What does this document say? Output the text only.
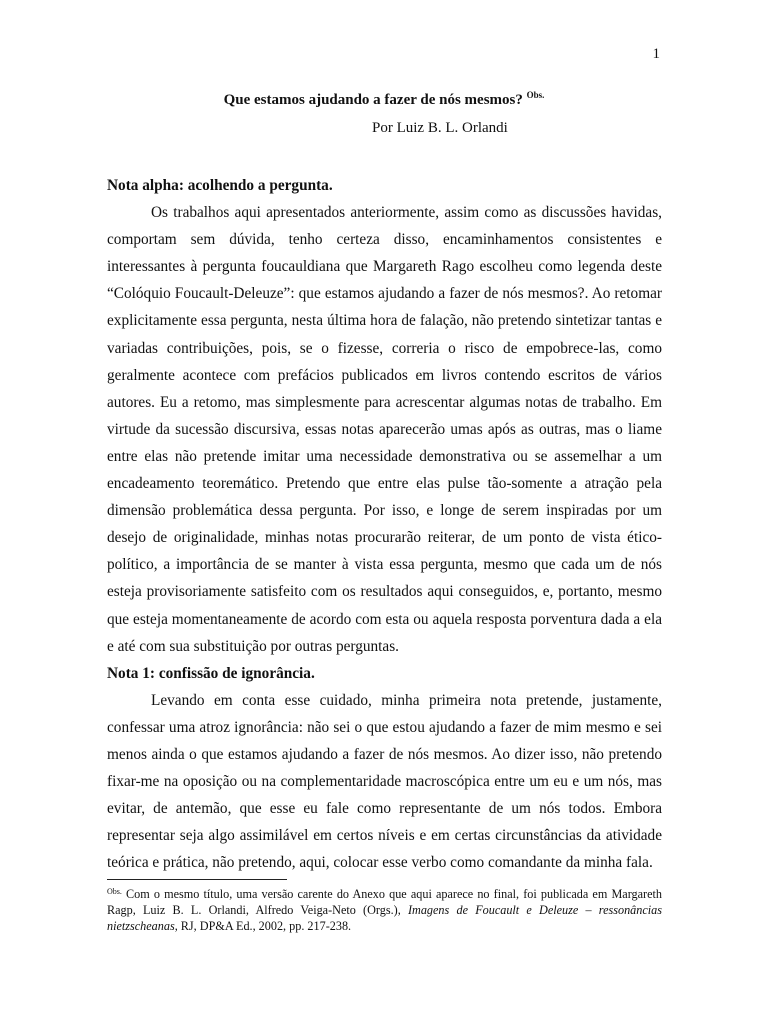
1
Que estamos ajudando a fazer de nós mesmos? $^{Obs.}$
Por Luiz B. L. Orlandi

Nota alpha: acolhendo a pergunta.

Os trabalhos aqui apresentados anteriormente, assim como as discussões havidas, comportam sem dúvida, tenho certeza disso, encaminhamentos consistentes e interessantes à pergunta foucauldiana que Margareth Rago escolheu como legenda deste “Colóquio Foucault-Deleuze”: que estamos ajudando a fazer de nós mesmos?. Ao retomar explicitamente essa pergunta, nesta última hora de falação, não pretendo sintetizar tantas e variadas contribuições, pois, se o fizesse, correria o risco de empobrece-las, como geralmente acontece com prefácios publicados em livros contendo escritos de vários autores. Eu a retomo, mas simplesmente para acrescentar algumas notas de trabalho. Em virtude da sucessão discursiva, essas notas aparecerão umas após as outras, mas o liame entre elas não pretende imitar uma necessidade demonstrativa ou se assemelhar a um encadeamento teoremático. Pretendo que entre elas pulse tão-somente a atração pela dimensão problemática dessa pergunta. Por isso, e longe de serem inspiradas por um desejo de originalidade, minhas notas procurarão reiterar, de um ponto de vista ético-político, a importância de se manter à vista essa pergunta, mesmo que cada um de nós esteja provisoriamente satisfeito com os resultados aqui conseguidos, e, portanto, mesmo que esteja momentaneamente de acordo com esta ou aquela resposta porventura dada a ela e até com sua substituição por outras perguntas.

Nota 1: confissão de ignorância.

Levando em conta esse cuidado, minha primeira nota pretende, justamente, confessar uma atroz ignorância: não sei o que estou ajudando a fazer de mim mesmo e sei menos ainda o que estamos ajudando a fazer de nós mesmos. Ao dizer isso, não pretendo fixar-me na oposição ou na complementaridade macroscópica entre um eu e um nós, mas evitar, de antemão, que esse eu fale como representante de um nós todos. Embora representar seja algo assimilável em certos níveis e em certas circunstâncias da atividade teórica e prática, não pretendo, aqui, colocar esse verbo como comandante da minha fala.

$^{Obs.}$ Com o mesmo título, uma versão carente do Anexo que aqui aparece no final, foi publicada em Margareth Ragp, Luiz B. L. Orlandi, Alfredo Veiga-Neto (Orgs.), Imagens de Foucault e Deleuze – ressonâncias nietzscheanas, RJ, DP&A Ed., 2002, pp. 217-238.
